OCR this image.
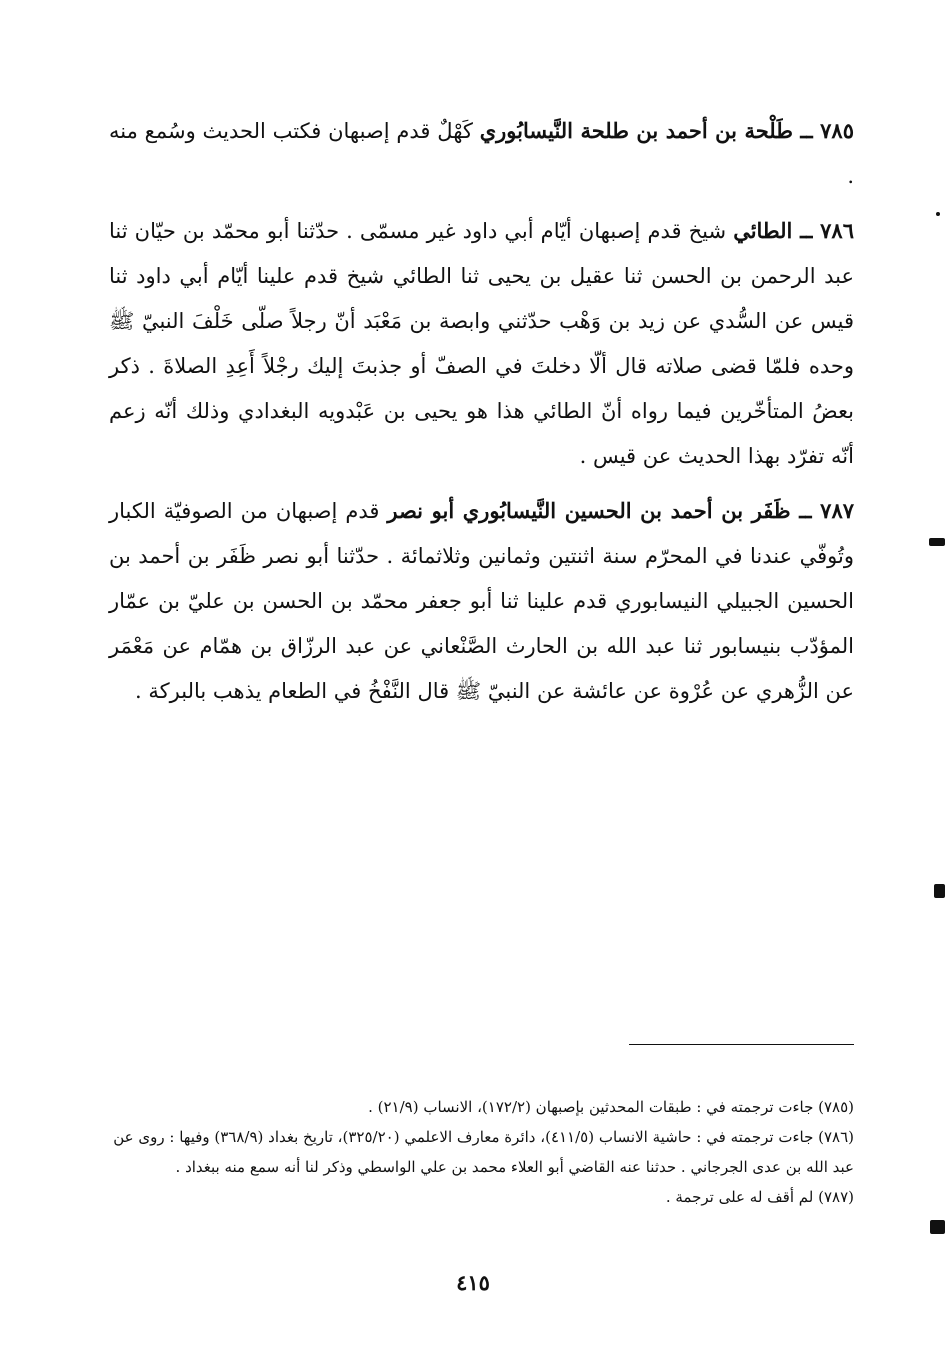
٧٨٥ ــ طَلْحة بن أحمد بن طلحة النَّيسابُوري كَهْلٌ قدم إصبهان فكتب الحديث وسُمع منه .

٧٨٦ ــ الطائي شيخ قدم إصبهان أيّام أبي داود غير مسمّى . حدّثنا أبو محمّد بن حيّان ثنا عبد الرحمن بن الحسن ثنا عقيل بن يحيى ثنا الطائي شيخ قدم علينا أيّام أبي داود ثنا قيس عن السُّدي عن زيد بن وَهْب حدّثني وابصة بن مَعْبَد أنّ رجلاً صلّى خَلْفَ النبيّ ﷺ وحده فلمّا قضى صلاته قال ألّا دخلتَ في الصفّ أو جذبتَ إليك رجْلاً أَعِدِ الصلاةَ . ذكر بعضُ المتأخّرين فيما رواه أنّ الطائي هذا هو يحيى بن عَبْدويه البغدادي وذلك أنّه زعم أنّه تفرّد بهذا الحديث عن قيس .

٧٨٧ ــ ظَفَر بن أحمد بن الحسين النَّيسابُوري أبو نصر قدم إصبهان من الصوفيّة الكبار وتُوفّي عندنا في المحرّم سنة اثنتين وثمانين وثلاثمائة . حدّثنا أبو نصر ظَفَر بن أحمد بن الحسين الجبيلي النيسابوري قدم علينا ثنا أبو جعفر محمّد بن الحسن بن عليّ بن عمّار المؤدّب بنيسابور ثنا عبد الله بن الحارث الصَّنْعاني عن عبد الرزّاق بن همّام عن مَعْمَر عن الزُّهري عن عُرْوة عن عائشة عن النبيّ ﷺ قال النَّفْخُ في الطعام يذهب بالبركة .

(٧٨٥) جاءت ترجمته في : طبقات المحدثين بإصبهان (١٧٢/٢)، الانساب (٢١/٩) .

(٧٨٦) جاءت ترجمته في : حاشية الانساب (٤١١/٥)، دائرة معارف الاعلمي (٣٢٥/٢٠)، تاريخ بغداد (٣٦٨/٩) وفيها : روى عن عبد الله بن عدى الجرجاني . حدثنا عنه القاضي أبو العلاء محمد بن علي الواسطي وذكر لنا أنه سمع منه ببغداد .

(٧٨٧) لم أقف له على ترجمة .

٤١٥
